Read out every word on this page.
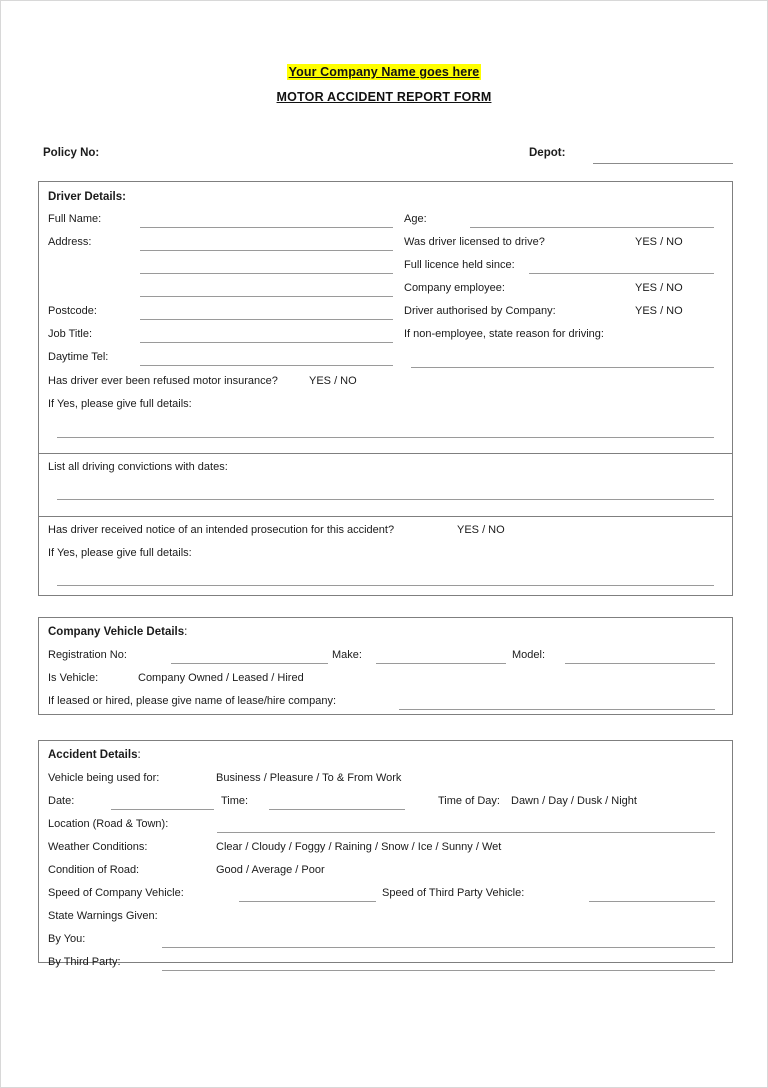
Your Company Name goes here
MOTOR ACCIDENT REPORT FORM
Policy No:	Depot:
Driver Details:
Full Name:
Address:
Postcode:
Job Title:
Daytime Tel:
Age:
Was driver licensed to drive?	YES / NO
Full licence held since:
Company employee:	YES / NO
Driver authorised by Company:	YES / NO
If non-employee, state reason for driving:
Has driver ever been refused motor insurance?	YES / NO
If Yes, please give full details:
List all driving convictions with dates:
Has driver received notice of an intended prosecution for this accident?	YES / NO
If Yes, please give full details:
Company Vehicle Details:
Registration No:	Make:	Model:
Is Vehicle:	Company Owned / Leased / Hired
If leased or hired, please give name of lease/hire company:
Accident Details:
Vehicle being used for:	Business / Pleasure / To & From Work
Date:	Time:	Time of Day: Dawn / Day / Dusk / Night
Location (Road & Town):
Weather Conditions:	Clear / Cloudy / Foggy / Raining / Snow / Ice / Sunny / Wet
Condition of Road:	Good / Average / Poor
Speed of Company Vehicle:	Speed of Third Party Vehicle:
State Warnings Given:
By You:
By Third Party:
